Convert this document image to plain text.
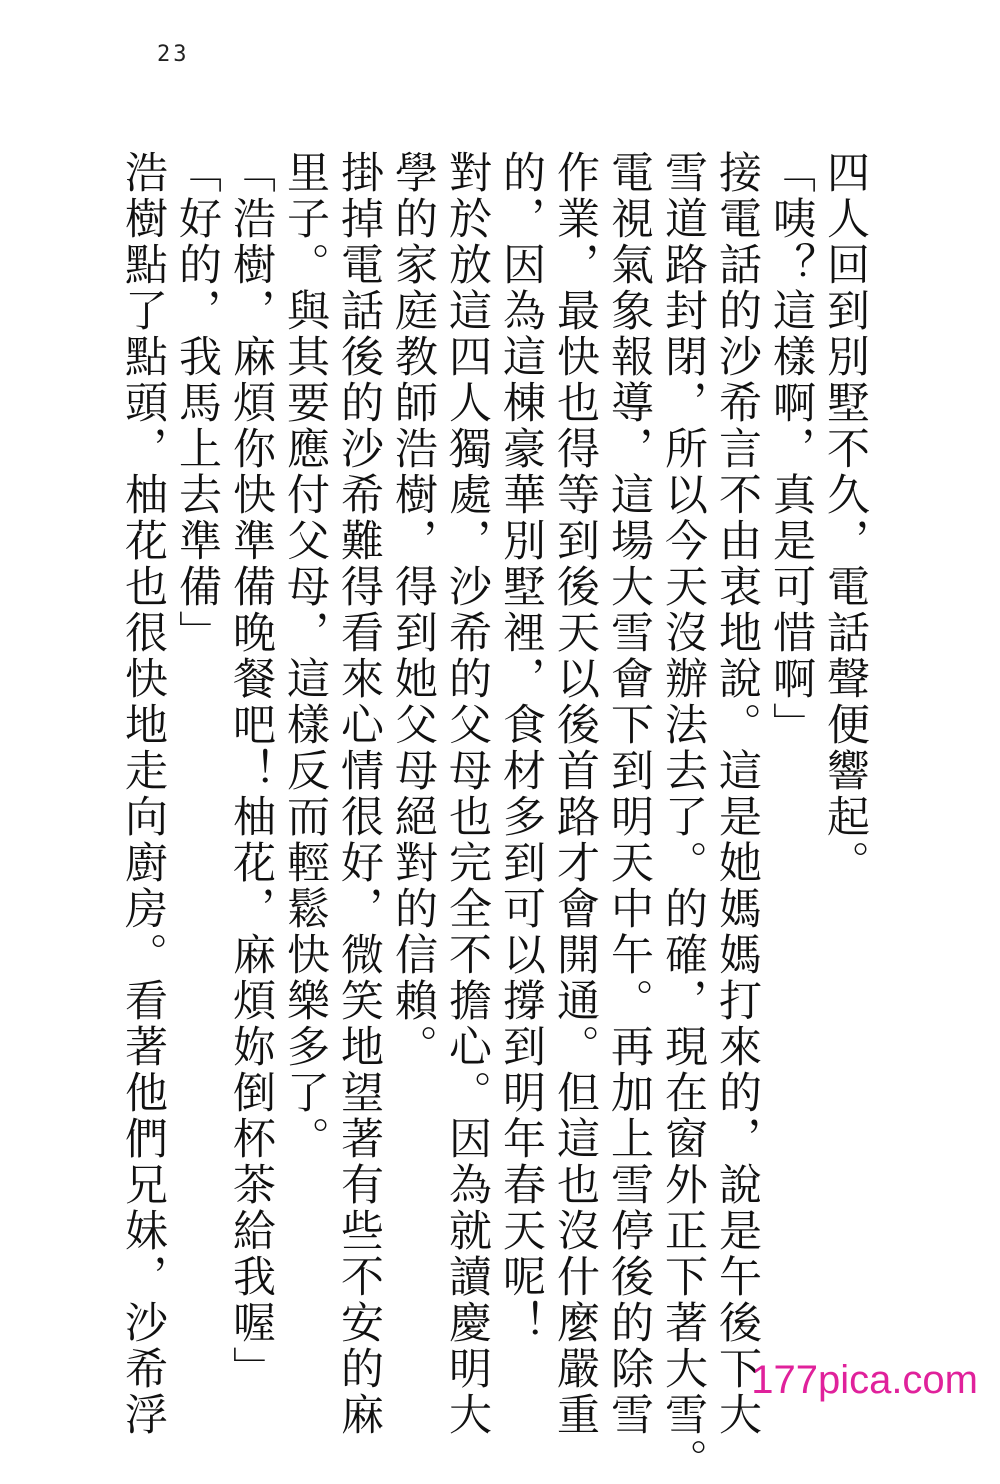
23
四人回到別墅不久，電話聲便響起。
「咦？這樣啊，真是可惜啊」
接電話的沙希言不由衷地說。這是她媽媽打來的，說是午後下大
雪道路封閉，所以今天沒辦法去了。的確，現在窗外正下著大雪。
電視氣象報導，這場大雪會下到明天中午。再加上雪停後的除雪
作業，最快也得等到後天以後首路才會開通。但這也沒什麼嚴重
的，因為這棟豪華別墅裡，食材多到可以撐到明年春天呢！
對於放這四人獨處，沙希的父母也完全不擔心。因為就讀慶明大
學的家庭教師浩樹，得到她父母絕對的信賴。
掛掉電話後的沙希難得看來心情很好，微笑地望著有些不安的麻
里子。與其要應付父母，這樣反而輕鬆快樂多了。
「浩樹，麻煩你快準備晚餐吧！柚花，麻煩妳倒杯茶給我喔」
「好的，我馬上去準備」
浩樹點了點頭，柚花也很快地走向廚房。看著他們兄妹，沙希浮	177pica.com
